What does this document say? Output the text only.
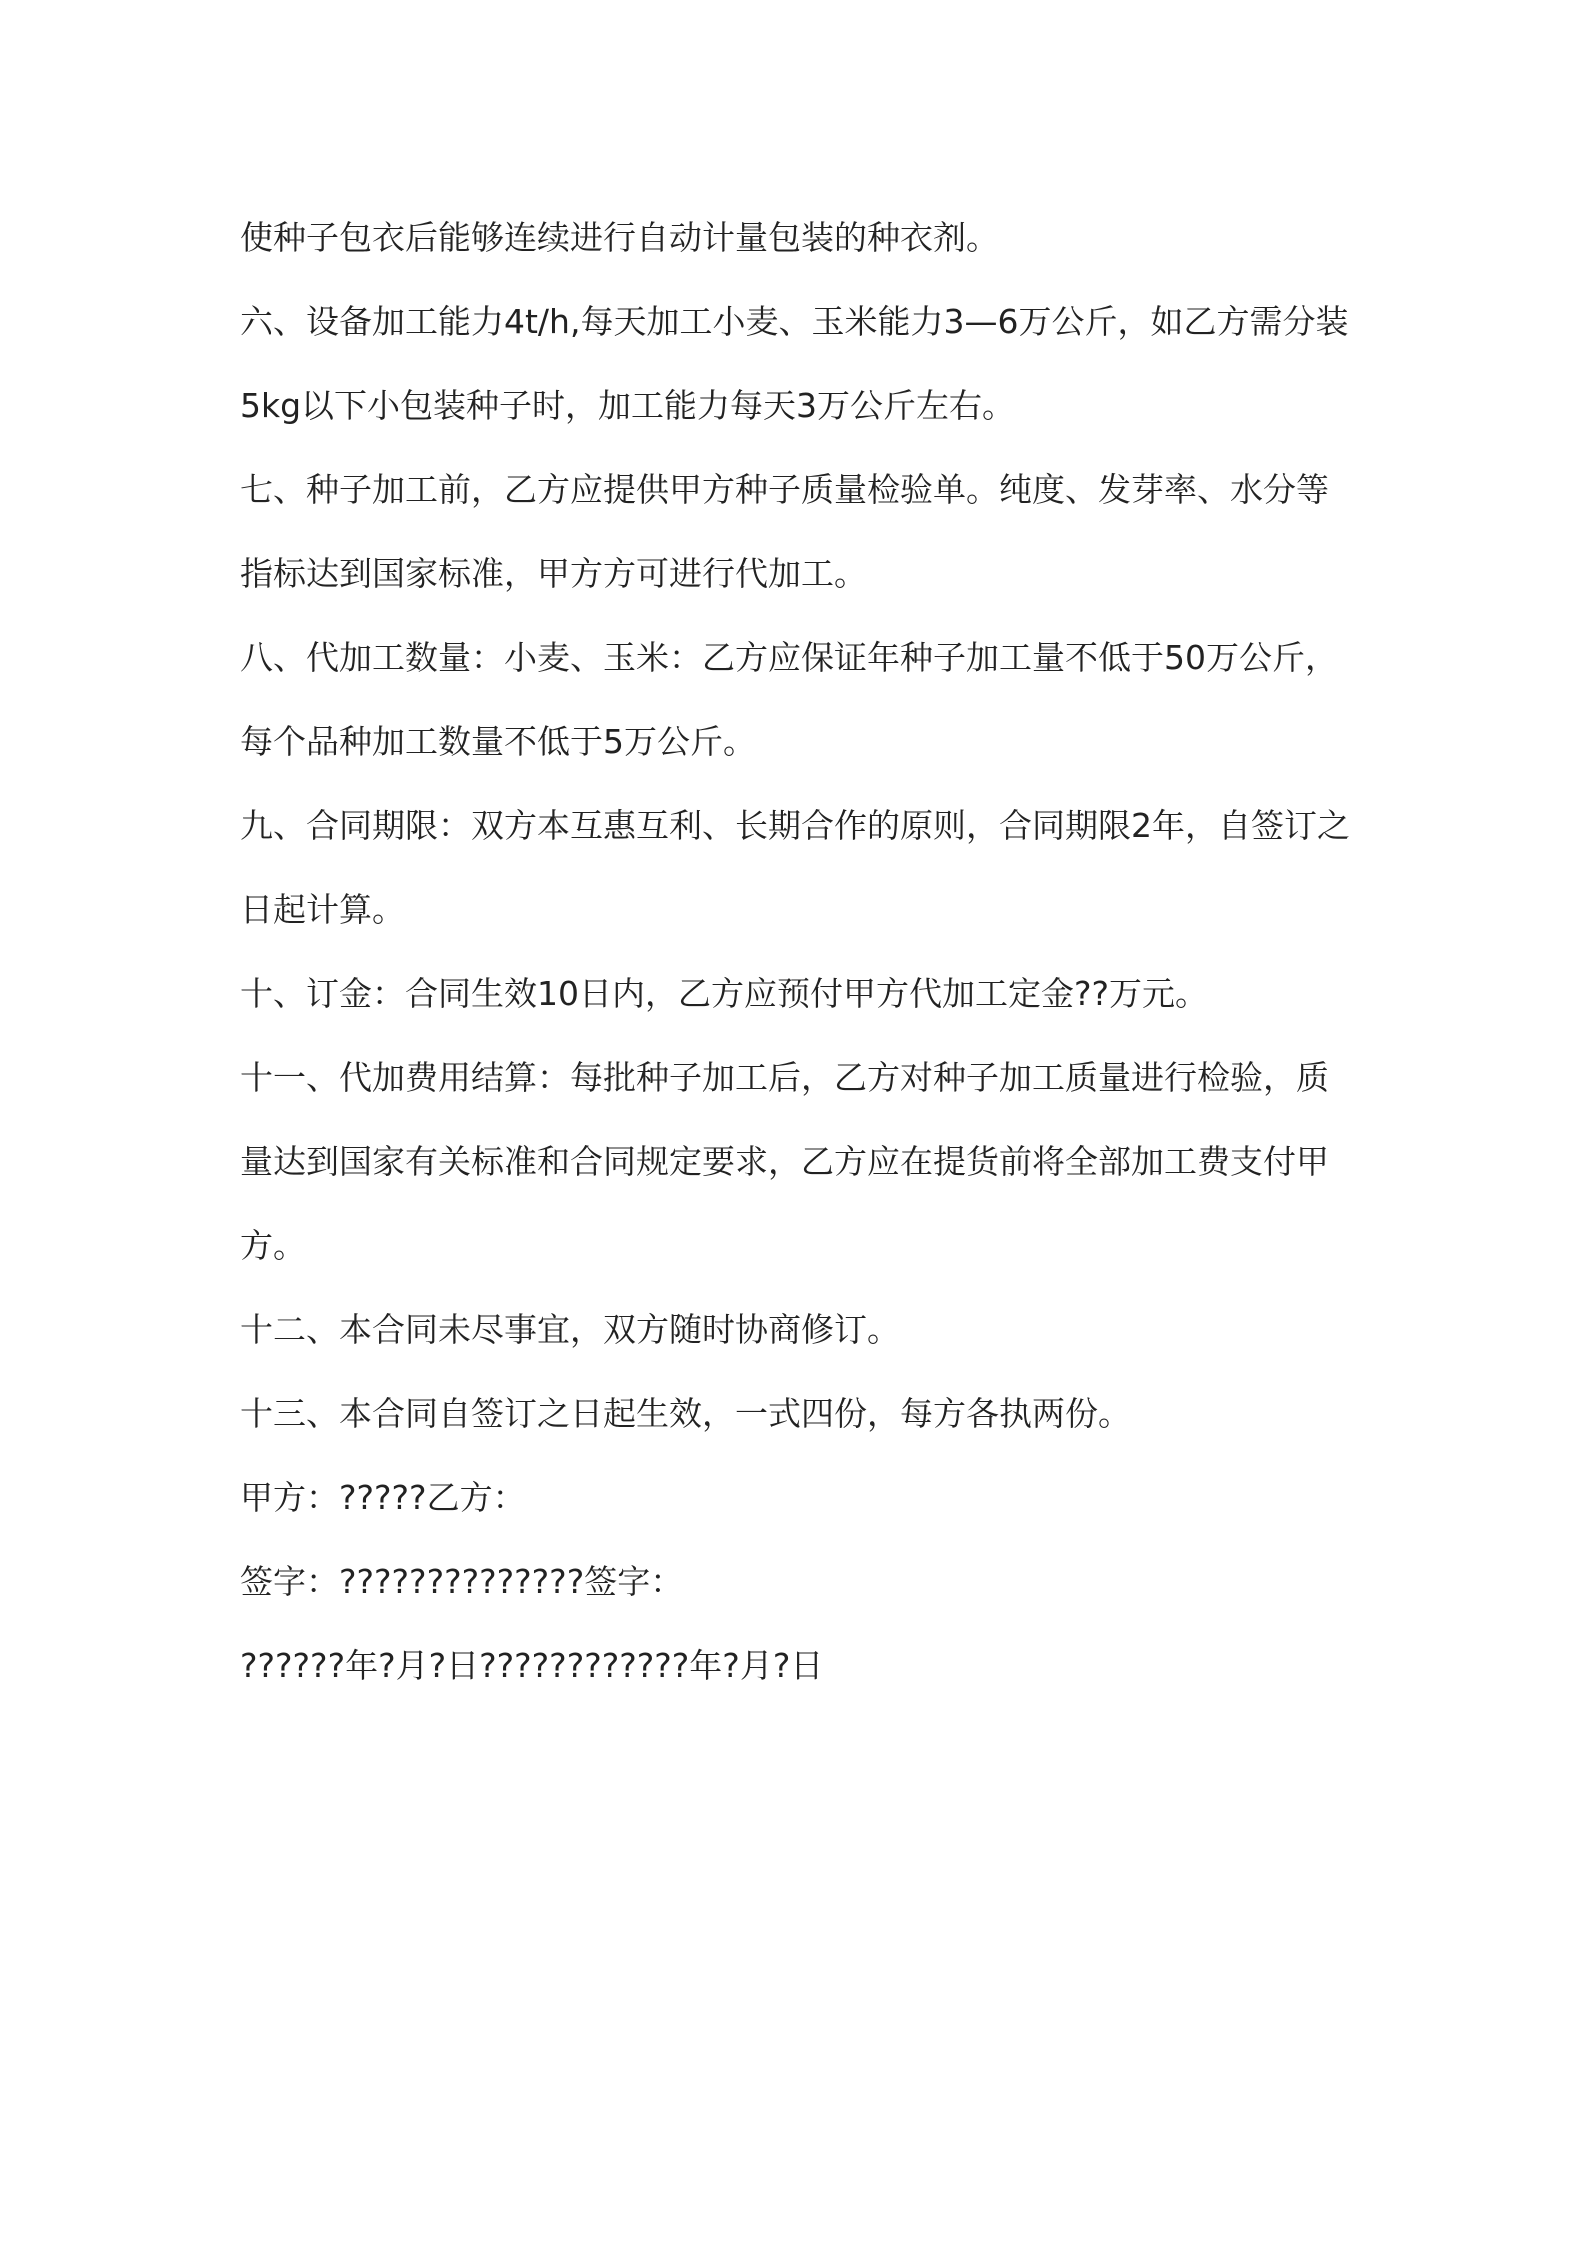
使种子包衣后能够连续进行自动计量包装的种衣剂。

六、设备加工能力4t/h,每天加工小麦、玉米能力3—6万公斤，如乙方需分装5kg以下小包装种子时，加工能力每天3万公斤左右。

七、种子加工前，乙方应提供甲方种子质量检验单。纯度、发芽率、水分等指标达到国家标准，甲方方可进行代加工。

八、代加工数量：小麦、玉米：乙方应保证年种子加工量不低于50万公斤，每个品种加工数量不低于5万公斤。

九、合同期限：双方本互惠互利、长期合作的原则，合同期限2年，自签订之日起计算。

十、订金：合同生效10日内，乙方应预付甲方代加工定金??万元。

十一、代加费用结算：每批种子加工后，乙方对种子加工质量进行检验，质量达到国家有关标准和合同规定要求，乙方应在提货前将全部加工费支付甲方。

十二、本合同未尽事宜，双方随时协商修订。

十三、本合同自签订之日起生效，一式四份，每方各执两份。

甲方：?????乙方：

签字：??????????????签字：

??????年?月?日????????????年?月?日
